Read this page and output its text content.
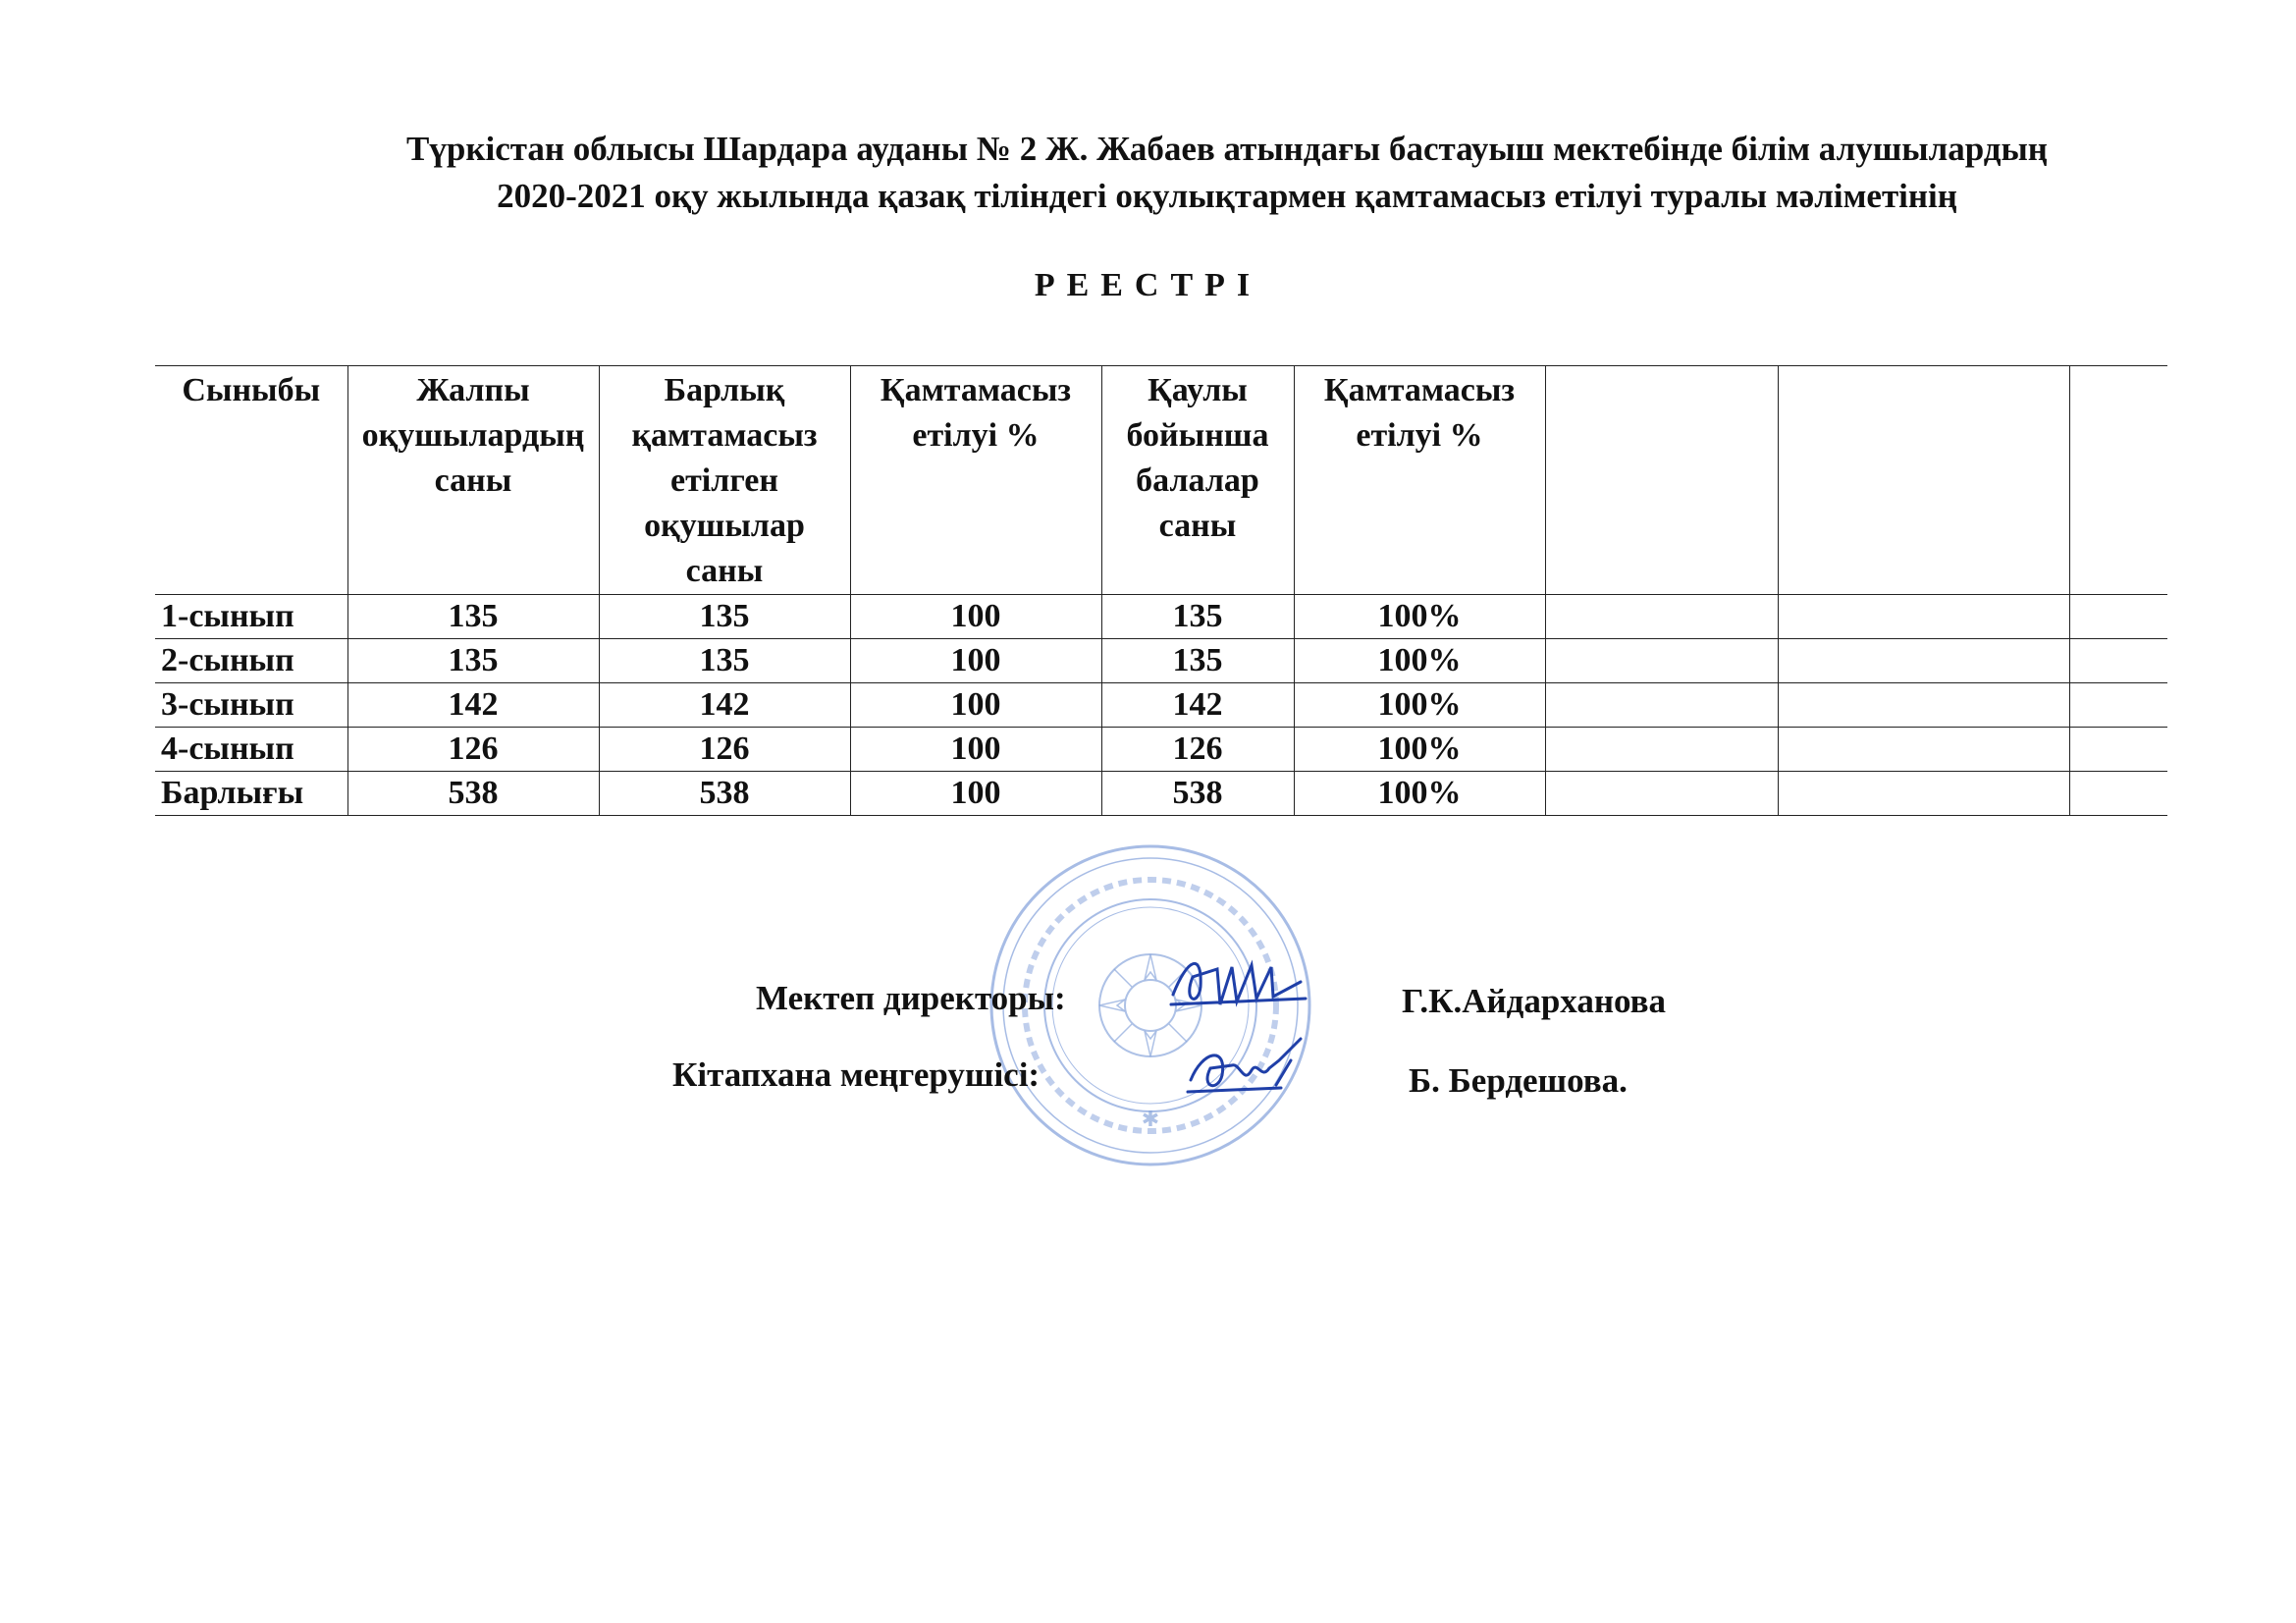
Түркістан облысы Шардара ауданы № 2 Ж. Жабаев атындағы бастауыш мектебінде білім алушылардың
2020-2021 оқу жылында қазақ тіліндегі оқулықтармен қамтамасыз етілуі туралы мәліметінің
РЕЕСТРІ
Сыныбы	Жалпы оқушылардың саны	Барлық қамтамасыз етілген оқушылар саны	Қамтамасыз етілуі %	Қаулы бойынша балалар саны	Қамтамасыз етілуі %			
1-сынып	135	135	100	135	100%			
2-сынып	135	135	100	135	100%			
3-сынып	142	142	100	142	100%			
4-сынып	126	126	100	126	100%			
Барлығы	538	538	100	538	100%			
✱
Мектеп директоры:	Г.К.Айдарханова
Кітапхана меңгерушісі:	Б. Бердешова.
